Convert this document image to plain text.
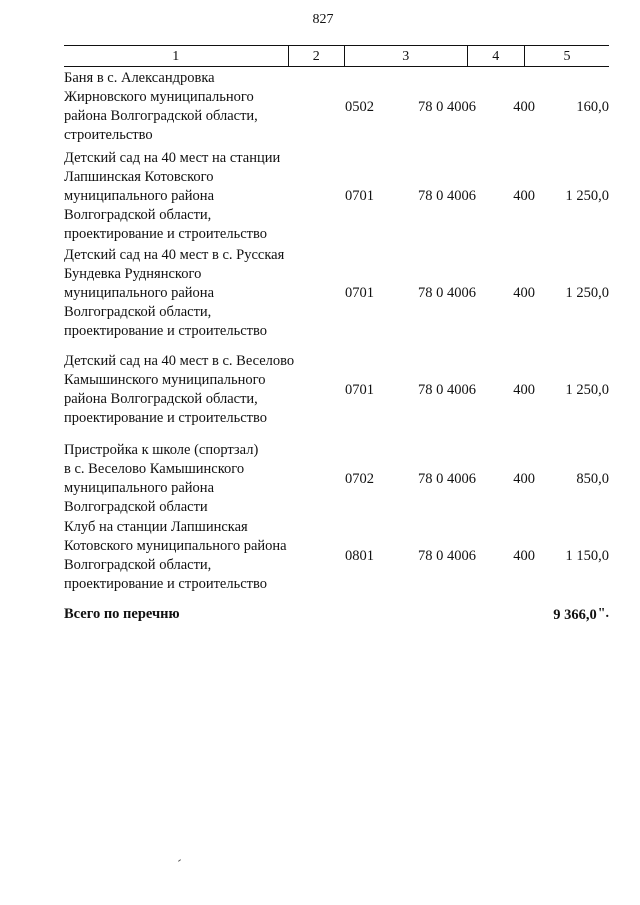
827
1	2	3	4	5
Баня в с. Александровка
Жирновского муниципального
района Волгоградской области,
строительство
0502	78 0 4006	400	160,0
Детский сад на 40 мест на станции
Лапшинская Котовского
муниципального района
Волгоградской области,
проектирование и строительство
0701	78 0 4006	400	1 250,0
Детский сад на 40 мест в с. Русская
Бундевка Руднянского
муниципального района
Волгоградской области,
проектирование и строительство
0701	78 0 4006	400	1 250,0
Детский сад на 40 мест в с. Веселово
Камышинского муниципального
района Волгоградской области,
проектирование и строительство
0701	78 0 4006	400	1 250,0
Пристройка к школе (спортзал)
в с. Веселово Камышинского
муниципального района
Волгоградской области
0702	78 0 4006	400	850,0
Клуб на станции Лапшинская
Котовского муниципального района
Волгоградской области,
проектирование и строительство
0801	78 0 4006	400	1 150,0
Всего по перечню	9 366,0".
